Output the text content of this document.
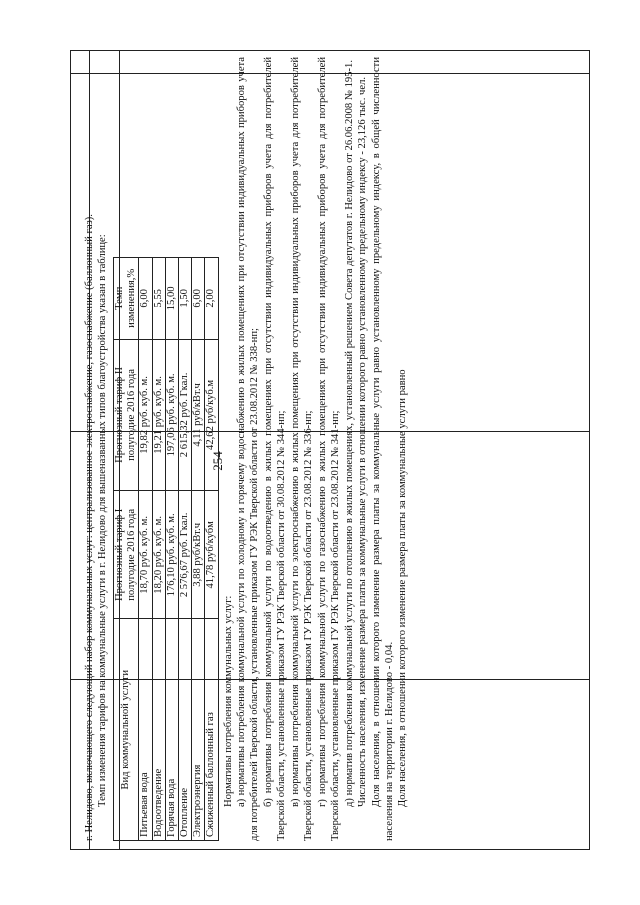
254

г. Нелидово, включающего следующий набор коммунальных услуг: централизованное электроснабжение, газоснабжение (баллонный газ). Темп изменения тарифов на коммунальные услуги в г. Нелидово для вышеназванных типов благоустройства указан в таблице: Вид коммунальной услуги	Прогнозный тариф I полугодие 2016 года	Прогнозный тариф II полугодие 2016 года	Темп изменения,%
Питьевая вода	18,70 руб. куб. м.	19,82 руб. куб. м.	6,00
Водоотведение	18,20 руб. куб. м.	19,21 руб. куб. м.	5,55
Горячая вода	176,10 руб. куб. м.	197,06 руб. куб. м.	15,00
Отопление	2 576,67 руб. Гкал.	2 615,32 руб. Гкал.	1,50
Электроэнергия	3,88 руб/кВт.ч	4,11 руб/кВт.ч	6,00
Сжиженный баллонный газ	41,78 руб/кубм	42,62 руб/куб.м	2,00

Нормативы потребления коммунальных услуг: а) нормативы потребления коммунальной услуги по холодному и горячему водоснабжению в жилых помещениях при отсутствии индивидуальных приборов учета для потребителей Тверской области, установленные приказом ГУ РЭК Тверской области от 23.08.2012 № 338-нп; б) нормативы потребления коммунальной услуги по водоотведению в жилых помещениях при отсутствии индивидуальных приборов учета для потребителей Тверской области, установленные приказом ГУ РЭК Тверской области от 30.08.2012 № 344-нп; в) нормативы потребления коммунальной услуги по электроснабжению в жилых помещениях при отсутствии индивидуальных приборов учета для потребителей Тверской области, установленные приказом ГУ РЭК Тверской области от 23.08.2012 № 336-нп; г) нормативы потребления коммунальной услуги по газоснабжению в жилых помещениях при отсутствии индивидуальных приборов учета для потребителей Тверской области, установленные приказом ГУ РЭК Тверской области от 23.08.2012 № 341-нп; д) норматив потребления коммунальной услуги по отоплению в жилых помещениях, установленный решением Совета депутатов г. Нелидово от 26.06.2008 № 195-1. Численность населения, изменение размера платы за коммунальные услуги в отношении которого равно установленному предельному индексу - 23,126 тыс. чел. Доля населения, в отношении которого изменение размера платы за коммунальные услуги равно установленному предельному индексу, в общей численности населения на территории г. Нелидово - 0,04. Доля населения, в отношении которого изменение размера платы за коммунальные услуги равно
